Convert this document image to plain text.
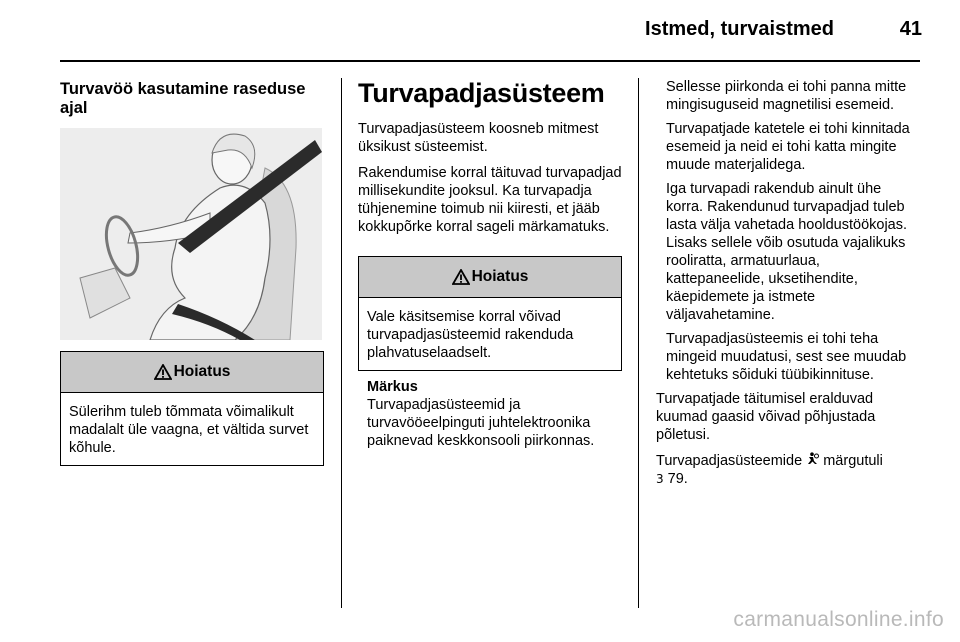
Istmed, turvaistmed	41
Turvavöö kasutamine raseduse ajal
Hoiatus
Sülerihm tuleb tõmmata võimalikult madalalt üle vaagna, et vältida survet kõhule.
Turvapadjasüsteem

Turvapadjasüsteem koosneb mitmest üksikust süsteemist.

Rakendumise korral täituvad turvapadjad millisekundite jooksul. Ka turvapadja tühjenemine toimub nii kiiresti, et jääb kokkupõrke korral sageli märkamatuks.

Hoiatus
Vale käsitsemise korral võivad turvapadjasüsteemid rakenduda plahvatuselaadselt.
Märkus
Turvapadjasüsteemid ja turvavööeelpinguti juhtelektroonika paiknevad keskkonsooli piirkonnas.

Sellesse piirkonda ei tohi panna mitte mingisuguseid magnetilisi esemeid.

Turvapatjade katetele ei tohi kinnitada esemeid ja neid ei tohi katta mingite muude materjalidega.

Iga turvapadi rakendub ainult ühe korra. Rakendunud turvapadjad tuleb lasta välja vahetada hooldustöökojas. Lisaks sellele võib osutuda vajalikuks rooliratta, armatuurlaua, kattepaneelide, uksetihendite, käepidemete ja istmete väljavahetamine.

Turvapadjasüsteemis ei tohi teha mingeid muudatusi, sest see muudab kehtetuks sõiduki tüübikinnituse.

Turvapatjade täitumisel eralduvad kuumad gaasid võivad põhjustada põletusi.

Turvapadjasüsteemide märgutuli

3 79.

carmanualsonline.info
